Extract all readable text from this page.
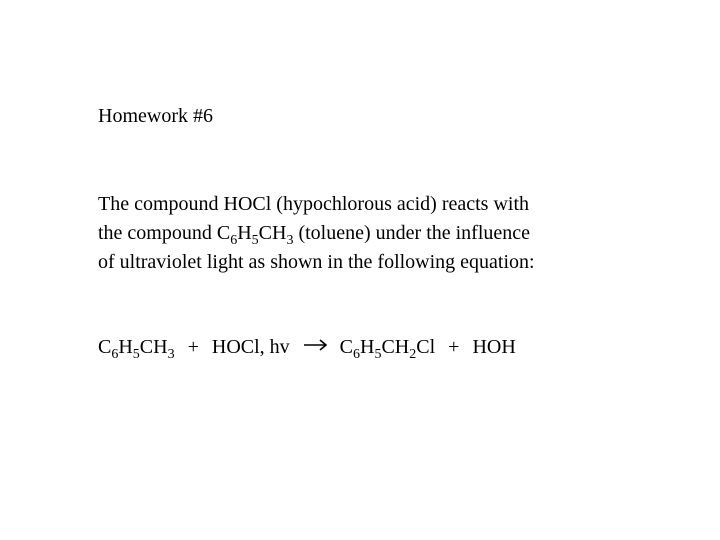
Homework #6
The compound HOCl (hypochlorous acid) reacts with
the compound $C_6H_5CH_3$ (toluene) under the influence
of ultraviolet light as shown in the following equation:
$C_6H_5CH_3$ + HOCl, hv → $C_6H_5CH_2Cl$ + HOH
